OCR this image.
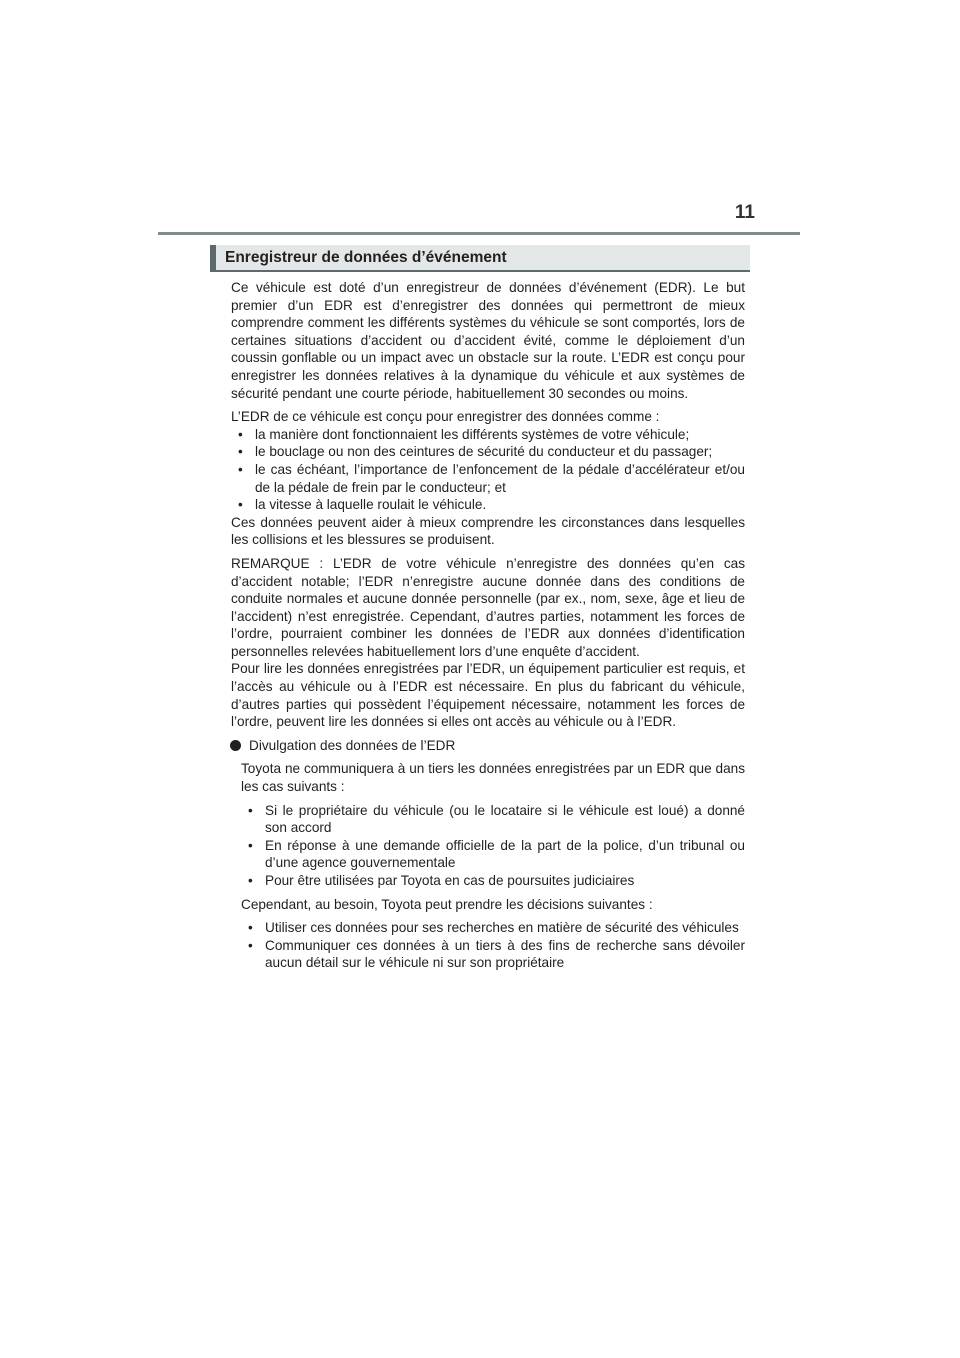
11
Enregistreur de données d’événement

Ce véhicule est doté d’un enregistreur de données d’événement (EDR). Le but premier d’un EDR est d’enregistrer des données qui permettront de mieux comprendre comment les différents systèmes du véhicule se sont comportés, lors de certaines situations d’accident ou d’accident évité, comme le déploiement d’un coussin gonflable ou un impact avec un obstacle sur la route. L’EDR est conçu pour enregistrer les données relatives à la dynamique du véhicule et aux systèmes de sécurité pendant une courte période, habituellement 30 secondes ou moins.

L’EDR de ce véhicule est conçu pour enregistrer des données comme :

• la manière dont fonctionnaient les différents systèmes de votre véhicule;
• le bouclage ou non des ceintures de sécurité du conducteur et du passager;
• le cas échéant, l’importance de l’enfoncement de la pédale d’accélérateur et/ou de la pédale de frein par le conducteur; et
• la vitesse à laquelle roulait le véhicule.

Ces données peuvent aider à mieux comprendre les circonstances dans lesquelles les collisions et les blessures se produisent.

REMARQUE : L’EDR de votre véhicule n’enregistre des données qu’en cas d’accident notable; l’EDR n’enregistre aucune donnée dans des conditions de conduite normales et aucune donnée personnelle (par ex., nom, sexe, âge et lieu de l’accident) n’est enregistrée. Cependant, d’autres parties, notamment les forces de l’ordre, pourraient combiner les données de l’EDR aux données d’identification personnelles relevées habituellement lors d’une enquête d’accident.

Pour lire les données enregistrées par l’EDR, un équipement particulier est requis, et l’accès au véhicule ou à l’EDR est nécessaire. En plus du fabricant du véhicule, d’autres parties qui possèdent l’équipement nécessaire, notamment les forces de l’ordre, peuvent lire les données si elles ont accès au véhicule ou à l’EDR.

Divulgation des données de l’EDR

Toyota ne communiquera à un tiers les données enregistrées par un EDR que dans les cas suivants :

• Si le propriétaire du véhicule (ou le locataire si le véhicule est loué) a donné son accord
• En réponse à une demande officielle de la part de la police, d’un tribunal ou d’une agence gouvernementale
• Pour être utilisées par Toyota en cas de poursuites judiciaires

Cependant, au besoin, Toyota peut prendre les décisions suivantes :

• Utiliser ces données pour ses recherches en matière de sécurité des véhicules
• Communiquer ces données à un tiers à des fins de recherche sans dévoiler aucun détail sur le véhicule ni sur son propriétaire
